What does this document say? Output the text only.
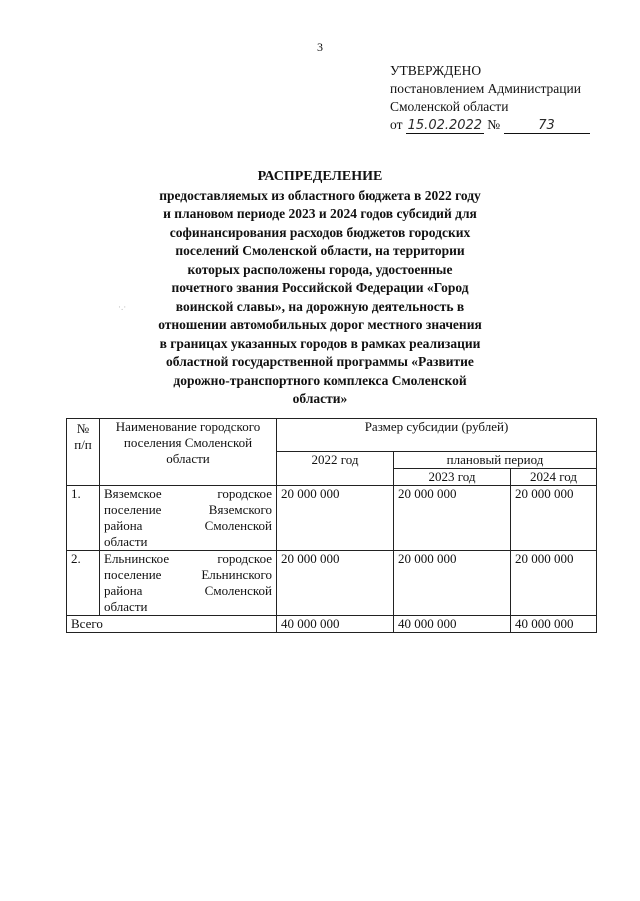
3
УТВЕРЖДЕНО
постановлением Администрации
Смоленской области
от 15.02.2022 №	73
РАСПРЕДЕЛЕНИЕ
предоставляемых из областного бюджета в 2022 году
и плановом периоде 2023 и 2024 годов субсидий для
софинансирования расходов бюджетов городских
поселений Смоленской области, на территории
которых расположены города, удостоенные
почетного звания Российской Федерации «Город
воинской славы», на дорожную деятельность в
отношении автомобильных дорог местного значения
в границах указанных городов в рамках реализации
областной государственной программы «Развитие
дорожно-транспортного комплекса Смоленской
области»
·.·
№ п/п	Наименование городского поселения Смоленской области	Размер субсидии (рублей)		
		2022 год	плановый период	
			2023 год	2024 год
1.	Вяземское городское
поселение Вяземского
района Смоленской
области	20 000 000	20 000 000	20 000 000
2.	Ельнинское городское
поселение Ельнинского
района Смоленской
области	20 000 000	20 000 000	20 000 000
Всего		40 000 000	40 000 000	40 000 000
